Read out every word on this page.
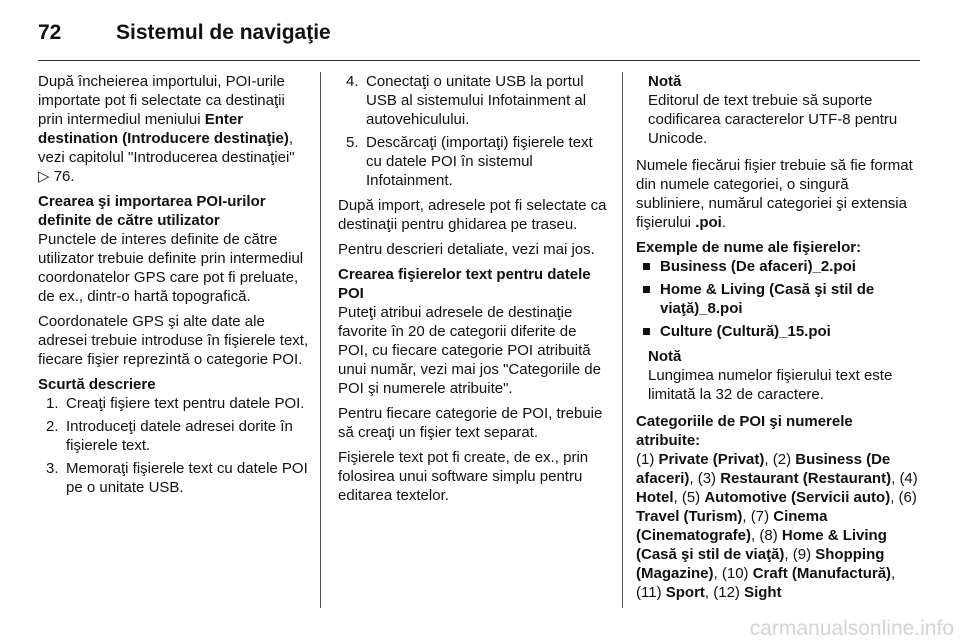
72	Sistemul de navigaţie

După încheierea importului, POI-urile importate pot fi selectate ca destinaţii prin intermediul meniului Enter destination (Introducere destinaţie), vezi capitolul "Introducerea destinaţiei" ▷ 76.

Crearea şi importarea POI-urilor definite de către utilizator

Punctele de interes definite de către utilizator trebuie definite prin intermediul coordonatelor GPS care pot fi preluate, de ex., dintr-o hartă topografică.

Coordonatele GPS şi alte date ale adresei trebuie introduse în fişierele text, fiecare fişier reprezintă o categorie POI.

Scurtă descriere

1. Creaţi fişiere text pentru datele POI.
2. Introduceţi datele adresei dorite în fişierele text.
3. Memoraţi fişierele text cu datele POI pe o unitate USB.
4. Conectaţi o unitate USB la portul USB al sistemului Infotainment al autovehiculului.
5. Descărcaţi (importaţi) fişierele text cu datele POI în sistemul Infotainment.

După import, adresele pot fi selectate ca destinaţii pentru ghidarea pe traseu.

Pentru descrieri detaliate, vezi mai jos.

Crearea fişierelor text pentru datele POI

Puteţi atribui adresele de destinaţie favorite în 20 de categorii diferite de POI, cu fiecare categorie POI atribuită unui număr, vezi mai jos "Categoriile de POI şi numerele atribuite".

Pentru fiecare categorie de POI, trebuie să creaţi un fişier text separat.

Fişierele text pot fi create, de ex., prin folosirea unui software simplu pentru editarea textelor.

Notă
Editorul de text trebuie să suporte codificarea caracterelor UTF-8 pentru Unicode.

Numele fiecărui fişier trebuie să fie format din numele categoriei, o singură subliniere, numărul categoriei şi extensia fişierului .poi.

Exemple de nume ale fişierelor:

Business (De afaceri)_2.poi
Home & Living (Casă şi stil de viaţă)_8.poi
Culture (Cultură)_15.poi
Notă
Lungimea numelor fişierului text este limitată la 32 de caractere.

Categoriile de POI şi numerele atribuite:

(1) Private (Privat), (2) Business (De afaceri), (3) Restaurant (Restaurant), (4) Hotel, (5) Automotive (Servicii auto), (6) Travel (Turism), (7) Cinema (Cinematografe), (8) Home & Living (Casă şi stil de viaţă), (9) Shopping (Magazine), (10) Craft (Manufactură), (11) Sport, (12) Sight

carmanualsonline.info
